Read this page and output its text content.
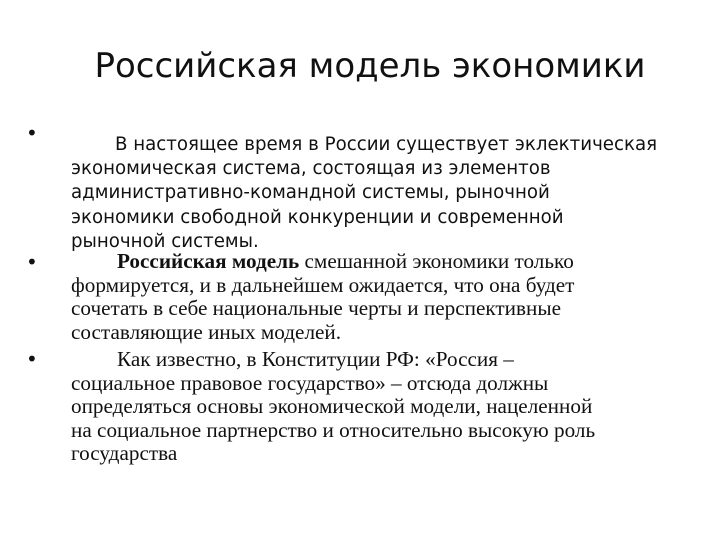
Российская модель экономики
•
•
•

В настоящее время в России существует эклектическая
экономическая система, состоящая из элементов
административно-командной системы, рыночной
экономики свободной конкуренции и современной
рыночной системы.

Российская модель смешанной экономики только
формируется, и в дальнейшем ожидается, что она будет
сочетать в себе национальные черты и перспективные
составляющие иных моделей.

Как известно, в Конституции РФ: «Россия –
социальное правовое государство» – отсюда должны
определяться основы экономической модели, нацеленной
на социальное партнерство и относительно высокую роль
государства
